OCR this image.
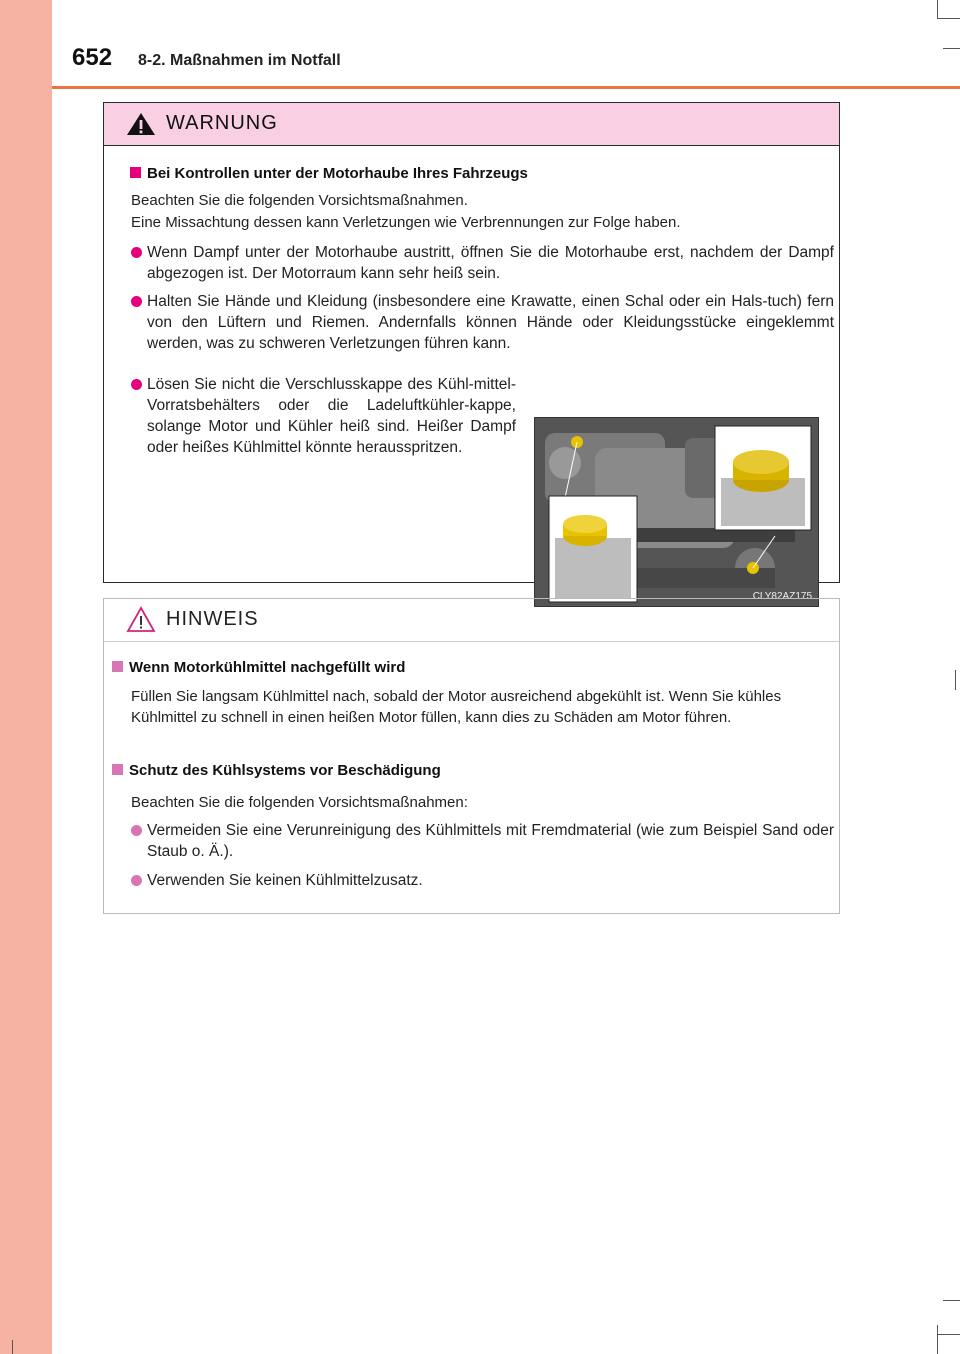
652 8-2. Maßnahmen im Notfall
WARNUNG
Bei Kontrollen unter der Motorhaube Ihres Fahrzeugs
Beachten Sie die folgenden Vorsichtsmaßnahmen.
Eine Missachtung dessen kann Verletzungen wie Verbrennungen zur Folge haben.
Wenn Dampf unter der Motorhaube austritt, öffnen Sie die Motorhaube erst, nachdem der Dampf abgezogen ist. Der Motorraum kann sehr heiß sein.
Halten Sie Hände und Kleidung (insbesondere eine Krawatte, einen Schal oder ein Hals-tuch) fern von den Lüftern und Riemen. Andernfalls können Hände oder Kleidungsstücke eingeklemmt werden, was zu schweren Verletzungen führen kann.
Lösen Sie nicht die Verschlusskappe des Kühl-mittel-Vorratsbehälters oder die Ladeluftkühler-kappe, solange Motor und Kühler heiß sind. Heißer Dampf oder heißes Kühlmittel könnte herausspritzen.
CLY82AZ175
HINWEIS
Wenn Motorkühlmittel nachgefüllt wird
Füllen Sie langsam Kühlmittel nach, sobald der Motor ausreichend abgekühlt ist. Wenn Sie kühles Kühlmittel zu schnell in einen heißen Motor füllen, kann dies zu Schäden am Motor führen.
Schutz des Kühlsystems vor Beschädigung
Beachten Sie die folgenden Vorsichtsmaßnahmen:
Vermeiden Sie eine Verunreinigung des Kühlmittels mit Fremdmaterial (wie zum Beispiel Sand oder Staub o. Ä.).
Verwenden Sie keinen Kühlmittelzusatz.
